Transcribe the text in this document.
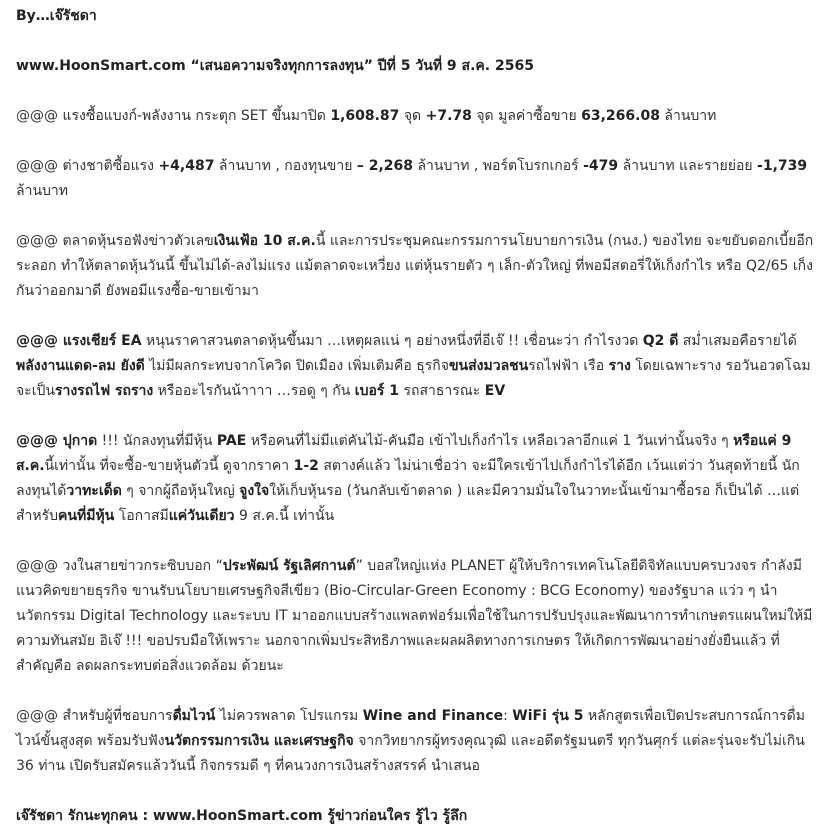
By…เจ๊รัชดา

www.HoonSmart.com “เสนอความจริงทุกการลงทุน” ปีที่ 5 วันที่ 9 ส.ค. 2565

@@@ แรงซื้อแบงก์-พลังงาน กระตุก SET ขึ้นมาปิด 1,608.87 จุด +7.78 จุด มูลค่าซื้อขาย 63,266.08 ล้านบาท

@@@ ต่างชาติซื้อแรง +4,487 ล้านบาท , กองทุนขาย – 2,268 ล้านบาท , พอร์ตโบรกเกอร์ -479 ล้านบาท และรายย่อย -1,739 ล้านบาท

@@@ ตลาดหุ้นรอฟังข่าวตัวเลขเงินเฟ้อ 10 ส.ค.นี้ และการประชุมคณะกรรมการนโยบายการเงิน (กนง.) ของไทย จะขยับดอกเบี้ยอีกระลอก ทำให้ตลาดหุ้นวันนี้ ขึ้นไม่ได้-ลงไม่แรง แม้ตลาดจะเหวี่ยง แต่หุ้นรายตัว ๆ เล็ก-ตัวใหญ่ ที่พอมีสตอรี่ให้เก็งกำไร หรือ Q2/65 เก็งกันว่าออกมาดี ยังพอมีแรงซื้อ-ขายเข้ามา

@@@ แรงเชียร์ EA หนุนราคาสวนตลาดหุ้นขึ้นมา …เหตุผลแน่ ๆ อย่างหนึ่งที่อีเจ๊ !! เชื่อนะว่า กำไรงวด Q2 ดี สม่ำเสมอคือรายได้พลังงานแดด-ลม ยังดี ไม่มีผลกระทบจากโควิด ปิดเมือง เพิ่มเติมคือ ธุรกิจขนส่งมวลชนรถไฟฟ้า เรือ ราง โดยเฉพาะราง รอวันอวดโฉม จะเป็นรางรถไฟ รถราง หรืออะไรกันน้าาาา …รอดู ๆ กัน เบอร์ 1 รถสาธารณะ EV

@@@ ปุกาด !!! นักลงทุนที่มีหุ้น PAE หรือคนที่ไม่มีแต่คันไม้-คันมือ เข้าไปเก็งกำไร เหลือเวลาอีกแค่ 1 วันเท่านั้นจริง ๆ หรือแค่ 9 ส.ค.นี้เท่านั้น ที่จะซื้อ-ขายหุ้นตัวนี้ ดูจากราคา 1-2 สตางค์แล้ว ไม่น่าเชื่อว่า จะมีใครเข้าไปเก็งกำไรได้อีก เว้นแต่ว่า วันสุดท้ายนี้ นักลงทุนได้วาทะเด็ด ๆ จากผู้ถือหุ้นใหญ่ จูงใจให้เก็บหุ้นรอ (วันกลับเข้าตลาด ) และมีความมั่นใจในวาทะนั้นเข้ามาซื้อรอ ก็เป็นได้ …แต่สำหรับคนที่มีหุ้น โอกาสมีแค่วันเดียว 9 ส.ค.นี้ เท่านั้น

@@@ วงในสายข่าวกระซิบบอก “ประพัฒน์ รัฐเลิศกานต์” บอสใหญ่แห่ง PLANET ผู้ให้บริการเทคโนโลยีดิจิทัลแบบครบวงจร กำลังมีแนวคิดขยายธุรกิจ ขานรับนโยบายเศรษฐกิจสีเขียว (Bio-Circular-Green Economy : BCG Economy) ของรัฐบาล แว่ว ๆ นำนวัตกรรม Digital Technology และระบบ IT มาออกแบบสร้างแพลตฟอร์มเพื่อใช้ในการปรับปรุงและพัฒนาการทำเกษตรแผนใหม่ให้มีความทันสมัย อิเจ๊ !!! ขอปรบมือให้เพราะ นอกจากเพิ่มประสิทธิภาพและผลผลิตทางการเกษตร ให้เกิดการพัฒนาอย่างยั่งยืนแล้ว ที่สำคัญคือ ลดผลกระทบต่อสิ่งแวดล้อม ด้วยนะ

@@@ สำหรับผู้ที่ชอบการดื่มไวน์ ไม่ควรพลาด โปรแกรม Wine and Finance: WiFi รุ่น 5 หลักสูตรเพื่อเปิดประสบการณ์การดื่มไวน์ขั้นสูงสุด พร้อมรับฟังนวัตกรรมการเงิน และเศรษฐกิจ จากวิทยากรผู้ทรงคุณวุฒิ และอดีตรัฐมนตรี ทุกวันศุกร์ แต่ละรุ่นจะรับไม่เกิน 36 ท่าน เปิดรับสมัครแล้ววันนี้ กิจกรรมดี ๆ ที่คนวงการเงินสร้างสรรค์ นำเสนอ

เจ๊รัชดา รักนะทุกคน : www.HoonSmart.com รู้ข่าวก่อนใคร รู้ไว รู้ลึก
